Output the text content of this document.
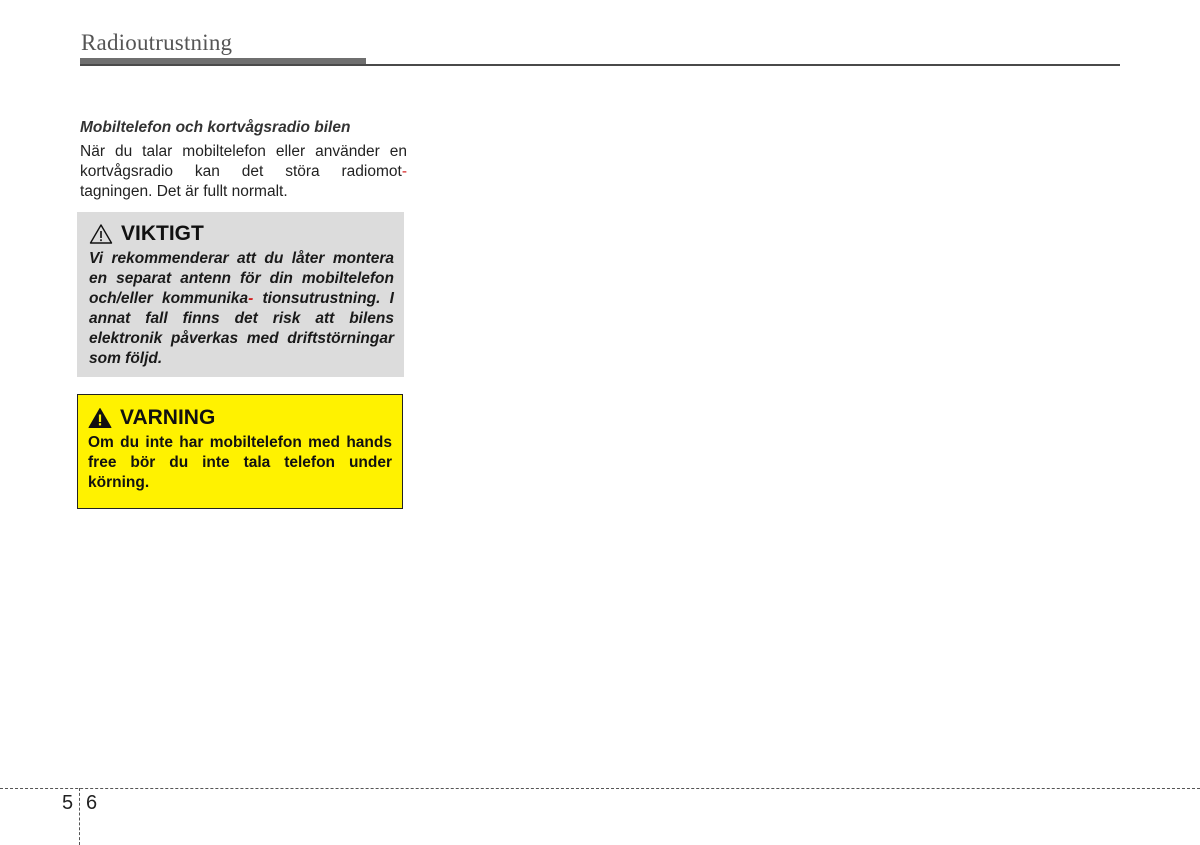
Radioutrustning
Mobiltelefon och kortvågsradio bilen

När du talar mobiltelefon eller använder en kortvågsradio kan det störa radiomot- tagningen. Det är fullt normalt.

VIKTIGT

Vi rekommenderar att du låter montera en separat antenn för din mobiltelefon och/eller kommunika- tionsutrustning. I annat fall finns det risk att bilens elektronik påverkas med driftstörningar som följd.

VARNING

Om du inte har mobiltelefon med hands free bör du inte tala telefon under körning.

5 6
